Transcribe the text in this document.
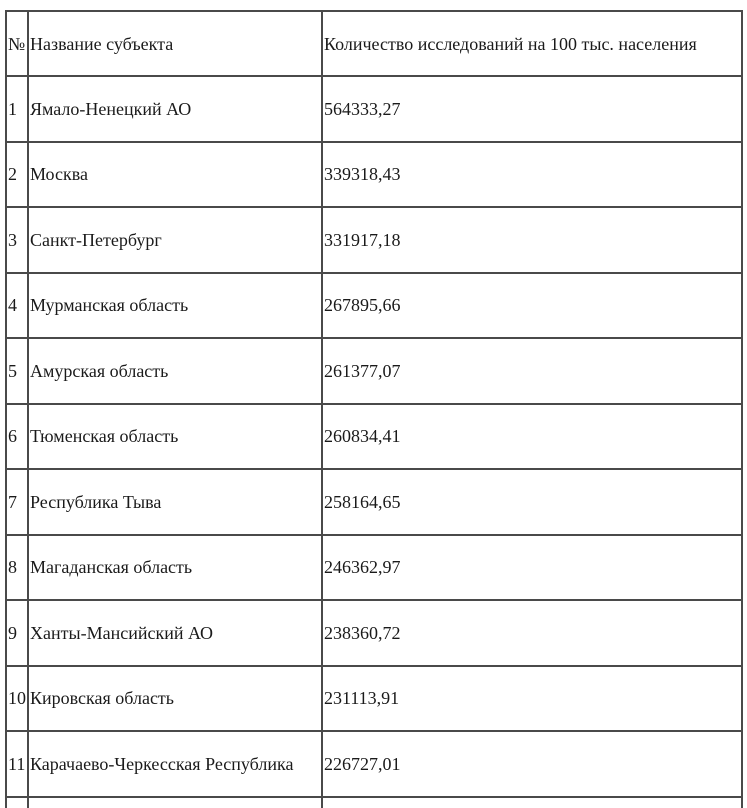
№	Название субъекта	Количество исследований на 100 тыс. населения
1	Ямало-Ненецкий АО	564333,27
2	Москва	339318,43
3	Санкт-Петербург	331917,18
4	Мурманская область	267895,66
5	Амурская область	261377,07
6	Тюменская область	260834,41
7	Республика Тыва	258164,65
8	Магаданская область	246362,97
9	Ханты-Мансийский АО	238360,72
10	Кировская область	231113,91
11	Карачаево-Черкесская Республика	226727,01
